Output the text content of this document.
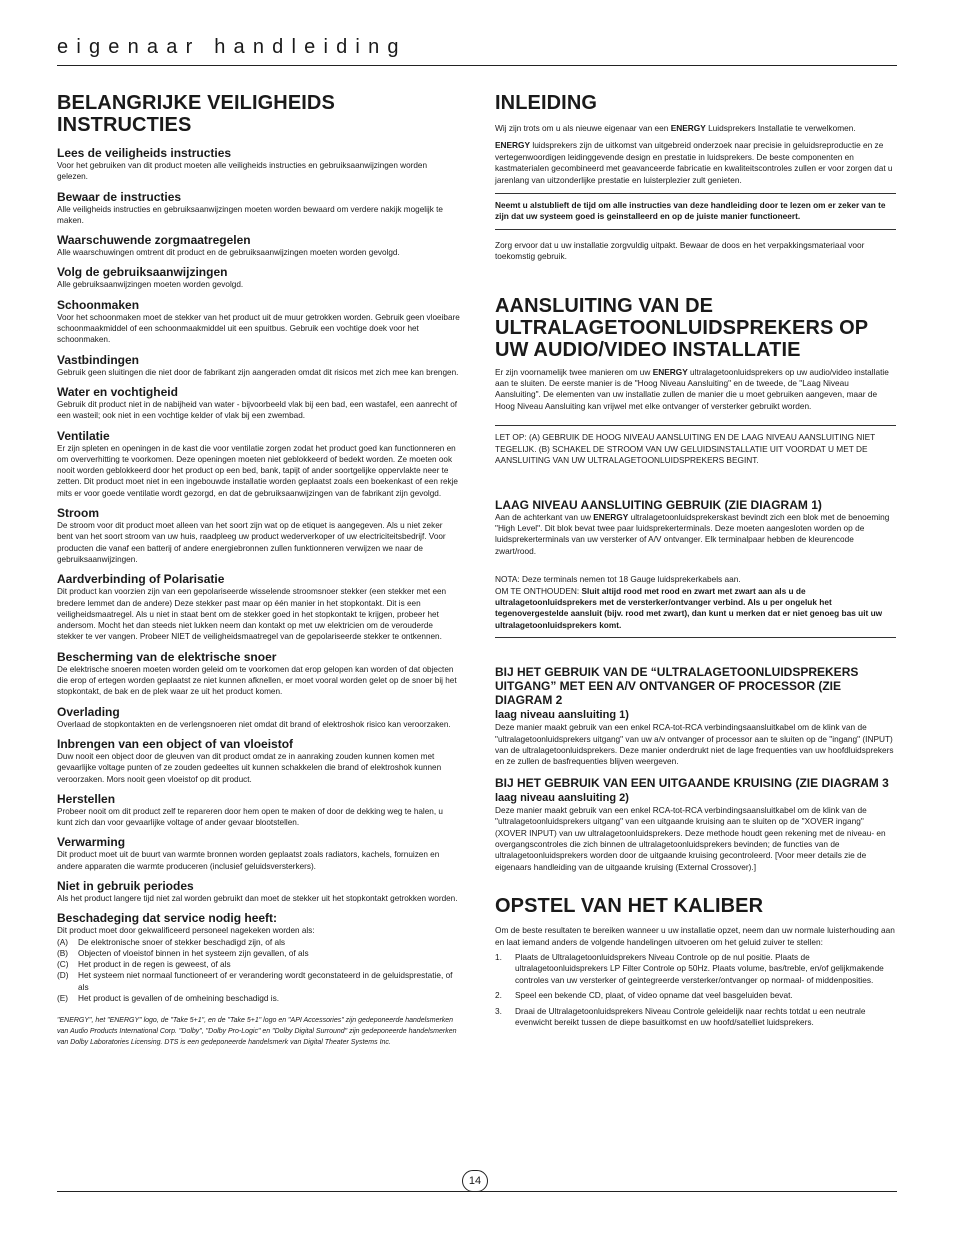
eigenaar handleiding
BELANGRIJKE VEILIGHEIDS INSTRUCTIES
Lees de veiligheids instructies
Voor het gebruiken van dit product moeten alle veiligheids instructies en gebruiksaanwijzingen worden gelezen.
Bewaar de instructies
Alle veiligheids instructies en gebruiksaanwijzingen moeten worden bewaard om verdere nakijk mogelijk te maken.
Waarschuwende zorgmaatregelen
Alle waarschuwingen omtrent dit product en de gebruiksaanwijzingen moeten worden gevolgd.
Volg de gebruiksaanwijzingen
Alle gebruiksaanwijzingen moeten worden gevolgd.
Schoonmaken
Voor het schoonmaken moet de stekker van het product uit de muur getrokken worden. Gebruik geen vloeibare schoonmaakmiddel of een schoonmaakmiddel uit een spuitbus. Gebruik een vochtige doek voor het schoonmaken.
Vastbindingen
Gebruik geen sluitingen die niet door de fabrikant zijn aangeraden omdat dit risicos met zich mee kan brengen.
Water en vochtigheid
Gebruik dit product niet in de nabijheid van water - bijvoorbeeld vlak bij een bad, een wastafel, een aanrecht of een wasteil; ook niet in een vochtige kelder of vlak bij een zwembad.
Ventilatie
Er zijn spleten en openingen in de kast die voor ventilatie zorgen zodat het product goed kan functionneren en om oververhitting te voorkomen. Deze openingen moeten niet geblokkeerd of bedekt worden. Ze moeten ook nooit worden geblokkeerd door het product op een bed, bank, tapijt of ander soortgelijke oppervlakte neer te zetten. Dit product moet niet in een ingebouwde installatie worden geplaatst zoals een boekenkast of een rekje mits er voor goede ventilatie wordt gezorgd, en dat de gebruiksaanwijzingen van de fabrikant zijn gevolgd.
Stroom
De stroom voor dit product moet alleen van het soort zijn wat op de etiquet is aangegeven. Als u niet zeker bent van het soort stroom van uw huis, raadpleeg uw product wederverkoper of uw electriciteitsbedrijf. Voor producten die vanaf een batterij of andere energiebronnen zullen funktionneren verwijzen we naar de gebruiksaanwijzingen.
Aardverbinding of Polarisatie
Dit product kan voorzien zijn van een gepolariseerde wisselende stroomsnoer stekker (een stekker met een bredere lemmet dan de andere) Deze stekker past maar op één manier in het stopkontakt. Dit is een veiligheidsmaatregel. Als u niet in staat bent om de stekker goed in het stopkontakt te krijgen, probeer het andersom. Mocht het dan steeds niet lukken neem dan kontakt op met uw elektricien om de verouderde stekker te ver vangen. Probeer NIET de veiligheidsmaatregel van de gepolariseerde stekker te ontkennen.
Bescherming van de elektrische snoer
De elektrische snoeren moeten worden geleid om te voorkomen dat erop gelopen kan worden of dat objecten die erop of ertegen worden geplaatst ze niet kunnen afknellen, er moet vooral worden gelet op de snoer bij het stopkontakt, de bak en de plek waar ze uit het product komen.
Overlading
Overlaad de stopkontakten en de verlengsnoeren niet omdat dit brand of elektroshok risico kan veroorzaken.
Inbrengen van een object of van vloeistof
Duw nooit een object door de gleuven van dit product omdat ze in aanraking zouden kunnen komen met gevaarlijke voltage punten of ze zouden gedeeltes uit kunnen schakkelen die brand of elektroshok kunnen veroorzaken. Mors nooit geen vloeistof op dit product.
Herstellen
Probeer nooit om dit product zelf te repareren door hem open te maken of door de dekking weg te halen, u kunt zich dan voor gevaarlijke voltage of ander gevaar blootstellen.
Verwarming
Dit product moet uit de buurt van warmte bronnen worden geplaatst zoals radiators, kachels, fornuizen en andere apparaten die warmte produceren (inclusief geluidsversterkers).
Niet in gebruik periodes
Als het product langere tijd niet zal worden gebruikt dan moet de stekker uit het stopkontakt getrokken worden.
Beschadeging dat service nodig heeft:
Dit product moet door gekwalificeerd personeel nagekeken worden als:
(A)	De elektronische snoer of stekker beschadigd zijn, of als
(B)	Objecten of vloeistof binnen in het systeem zijn gevallen, of als
(C)	Het product in de regen is geweest, of als
(D)	Het systeem niet normaal functioneert of er verandering wordt geconstateerd in de geluidsprestatie, of als
(E)	Het product is gevallen of de omheining beschadigd is.
"ENERGY", het "ENERGY" logo, de "Take 5+1", en de "Take 5+1" logo en "API Accessories" zijn gedeponeerde handelsmerken van Audio Products International Corp. "Dolby", "Dolby Pro-Logic" en "Dolby Digital Surround" zijn gedeponeerde handelsmerken van Dolby Laboratories Licensing. DTS is een gedeponeerde handelsmerk van Digital Theater Systems Inc.
INLEIDING

Wij zijn trots om u als nieuwe eigenaar van een ENERGY Luidsprekers Installatie te verwelkomen.

ENERGY luidsprekers zijn de uitkomst van uitgebreid onderzoek naar precisie in geluidsreproductie en ze vertegenwoordigen leidinggevende design en prestatie in luidsprekers. De beste componenten en kastmaterialen gecombineerd met geavanceerde fabricatie en kwaliteitscontroles zullen er voor zorgen dat u jarenlang van uitzonderlijke prestatie en luisterplezier zult genieten.

Neemt u alstublieft de tijd om alle instructies van deze handleiding door te lezen om er zeker van te zijn dat uw systeem goed is geinstalleerd en op de juiste manier functioneert.

Zorg ervoor dat u uw installatie zorgvuldig uitpakt. Bewaar de doos en het verpakkingsmateriaal voor toekomstig gebruik.

AANSLUITING VAN DE ULTRALAGETOONLUIDSPREKERS OP UW AUDIO/VIDEO INSTALLATIE

Er zijn voornamelijk twee manieren om uw ENERGY ultralagetoonluidsprekers op uw audio/video installatie aan te sluiten. De eerste manier is de "Hoog Niveau Aansluiting" en de tweede, de "Laag Niveau Aansluiting". De elementen van uw installatie zullen de manier die u moet gebruiken aangeven, maar de Hoog Niveau Aansluiting kan vrijwel met elke ontvanger of versterker gebruikt worden.

LET OP: (A) GEBRUIK DE HOOG NIVEAU AANSLUITING EN DE LAAG NIVEAU AANSLUITING NIET TEGELIJK. (B) SCHAKEL DE STROOM VAN UW GELUIDSINSTALLATIE UIT VOORDAT U MET DE AANSLUITING VAN UW ULTRALAGETOONLUIDSPREKERS BEGINT.

LAAG NIVEAU AANSLUITING GEBRUIK (ZIE DIAGRAM 1)

Aan de achterkant van uw ENERGY ultralagetoonluidsprekerskast bevindt zich een blok met de benoeming "High Level". Dit blok bevat twee paar luidsprekerterminals. Deze moeten aangesloten worden op de luidsprekerterminals van uw versterker of A/V ontvanger. Elk terminalpaar hebben de kleurencode zwart/rood.

NOTA: Deze terminals nemen tot 18 Gauge luidsprekerkabels aan.

OM TE ONTHOUDEN: Sluit altijd rood met rood en zwart met zwart aan als u de ultralagetoonluidsprekers met de versterker/ontvanger verbind. Als u per ongeluk het tegenovergestelde aansluit (bijv. rood met zwart), dan kunt u merken dat er niet genoeg bas uit uw ultralagetoonluidsprekers komt.

BIJ HET GEBRUIK VAN DE “ULTRALAGETOONLUIDSPREKERS UITGANG” MET EEN A/V ONTVANGER OF PROCESSOR (ZIE DIAGRAM 2
laag niveau aansluiting 1)

Deze manier maakt gebruik van een enkel RCA-tot-RCA verbindingsaansluitkabel om de klink van de "ultralagetoonluidsprekers uitgang" van uw a/v ontvanger of processor aan te sluiten op de "ingang" (INPUT) van de ultralagetoonluidsprekers. Deze manier onderdrukt niet de lage frequenties van uw hoofdluidsprekers en ze zullen de basfrequenties blijven weergeven.

BIJ HET GEBRUIK VAN EEN UITGAANDE KRUISING (ZIE DIAGRAM 3 laag niveau aansluiting 2)

Deze manier maakt gebruik van een enkel RCA-tot-RCA verbindingsaansluitkabel om de klink van de "ultralagetoonluidsprekers uitgang" van een uitgaande kruising aan te sluiten op de "XOVER ingang" (XOVER INPUT) van uw ultralagetoonluidsprekers. Deze methode houdt geen rekening met de niveau- en overgangscontroles die zich binnen de ultralagetoonluidsprekers bevinden; de functies van de ultralagetoonluidsprekers worden door de uitgaande kruising gecontroleerd. [Voor meer details zie de eigenaars handleiding van de uitgaande kruising (External Crossover).]

OPSTEL VAN HET KALIBER

Om de beste resultaten te bereiken wanneer u uw installatie opzet, neem dan uw normale luisterhouding aan en laat iemand anders de volgende handelingen uitvoeren om het geluid zuiver te stellen:

1. Plaats de Ultralagetoonluidsprekers Niveau Controle op de nul positie. Plaats de ultralagetoonluidsprekers LP Filter Controle op 50Hz. Plaats volume, bas/treble, en/of gelijkmakende controles van uw versterker of geintegreerde versterker/ontvanger op normaal- of middenposities.
2. Speel een bekende CD, plaat, of video opname dat veel basgeluiden bevat.
3. Draai de Ultralagetoonluidsprekers Niveau Controle geleidelijk naar rechts totdat u een neutrale evenwicht bereikt tussen de diepe basuitkomst en uw hoofd/satelliet luidsprekers.
14
